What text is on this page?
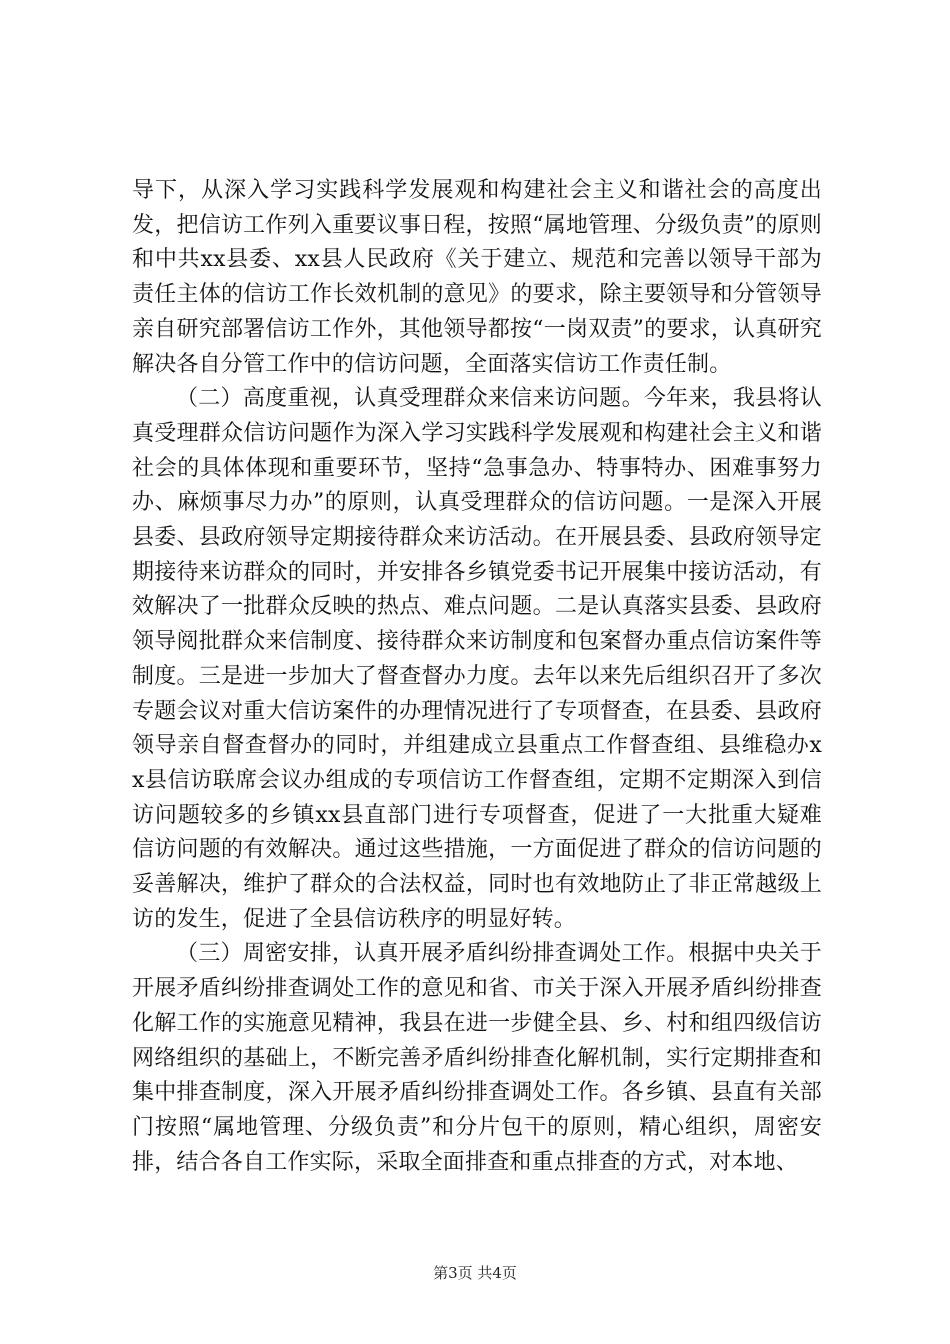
导下，从深入学习实践科学发展观和构建社会主义和谐社会的高度出发，把信访工作列入重要议事日程，按照“属地管理、分级负责”的原则和中共xx县委、xx县人民政府《关于建立、规范和完善以领导干部为责任主体的信访工作长效机制的意见》的要求，除主要领导和分管领导亲自研究部署信访工作外，其他领导都按“一岗双责”的要求，认真研究解决各自分管工作中的信访问题，全面落实信访工作责任制。

（二）高度重视，认真受理群众来信来访问题。今年来，我县将认真受理群众信访问题作为深入学习实践科学发展观和构建社会主义和谐社会的具体体现和重要环节，坚持“急事急办、特事特办、困难事努力办、麻烦事尽力办”的原则，认真受理群众的信访问题。一是深入开展县委、县政府领导定期接待群众来访活动。在开展县委、县政府领导定期接待来访群众的同时，并安排各乡镇党委书记开展集中接访活动，有效解决了一批群众反映的热点、难点问题。二是认真落实县委、县政府领导阅批群众来信制度、接待群众来访制度和包案督办重点信访案件等制度。三是进一步加大了督查督办力度。去年以来先后组织召开了多次专题会议对重大信访案件的办理情况进行了专项督查，在县委、县政府领导亲自督查督办的同时，并组建成立县重点工作督查组、县维稳办xx县信访联席会议办组成的专项信访工作督查组，定期不定期深入到信访问题较多的乡镇xx县直部门进行专项督查，促进了一大批重大疑难信访问题的有效解决。通过这些措施，一方面促进了群众的信访问题的妥善解决，维护了群众的合法权益，同时也有效地防止了非正常越级上访的发生，促进了全县信访秩序的明显好转。

（三）周密安排，认真开展矛盾纠纷排查调处工作。根据中央关于开展矛盾纠纷排查调处工作的意见和省、市关于深入开展矛盾纠纷排查化解工作的实施意见精神，我县在进一步健全县、乡、村和组四级信访网络组织的基础上，不断完善矛盾纠纷排查化解机制，实行定期排查和集中排查制度，深入开展矛盾纠纷排查调处工作。各乡镇、县直有关部门按照“属地管理、分级负责”和分片包干的原则，精心组织，周密安排，结合各自工作实际，采取全面排查和重点排查的方式，对本地、

第3页 共4页
